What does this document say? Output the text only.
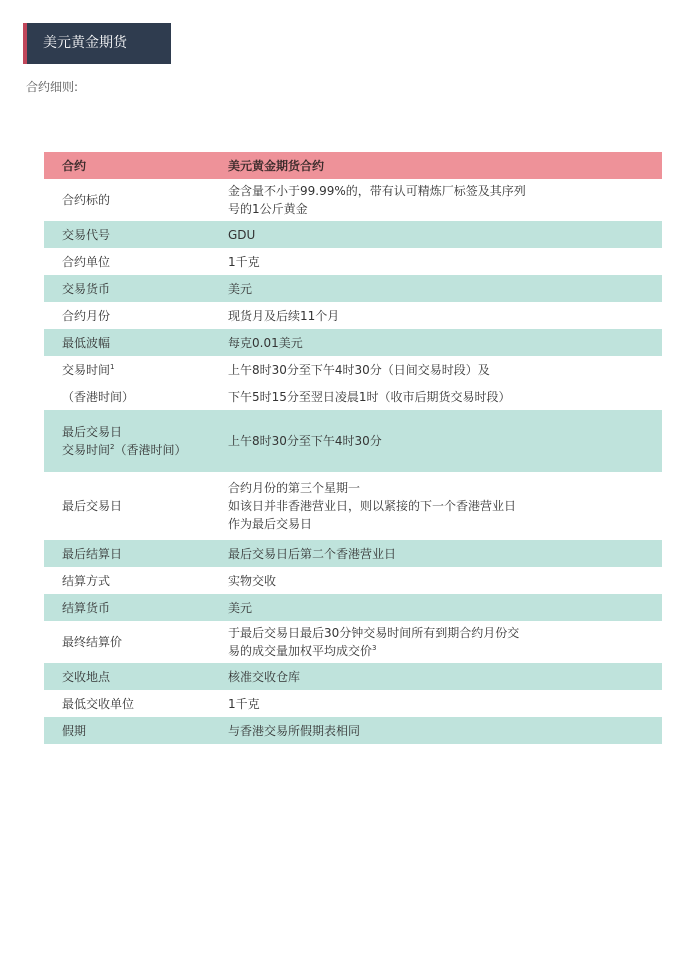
美元黄金期货
合约细则:
合约	美元黄金期货合约
合约标的	金含量不小于99.99%的，带有认可精炼厂标签及其序列
号的1公斤黄金

交易代号	GDU
合约单位	1千克
交易货币	美元
合约月份	现货月及后续11个月
最低波幅	每克0.01美元
交易时间$^1$	上午8时30分至下午4时30分（日间交易时段）及
（香港时间）	下午5时15分至翌日凌晨1时（收市后期货交易时段）

最后交易日
交易时间$^2$（香港时间）	上午8时30分至下午4时30分
最后交易日	合约月份的第三个星期一
如该日并非香港营业日，则以紧接的下一个香港营业日
作为最后交易日

最后结算日	最后交易日后第二个香港营业日
结算方式	实物交收
结算货币	美元
最终结算价	于最后交易日最后30分钟交易时间所有到期合约月份交
易的成交量加权平均成交价$^3$

交收地点	核准交收仓库
最低交收单位	1千克
假期	与香港交易所假期表相同
